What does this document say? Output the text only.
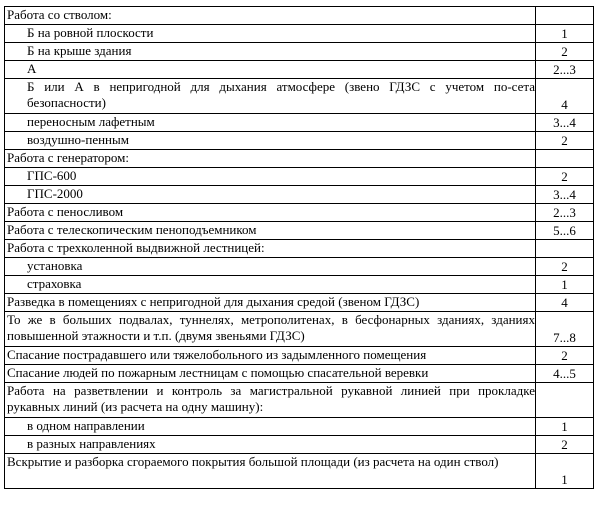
Работа со стволом:	
Б на ровной плоскости	1
Б на крыше здания	2
А	2...3
Б или А в непригодной для дыхания атмосфере (звено ГДЗС с учетом по-сета безопасности)	4
переносным лафетным	3...4
воздушно-пенным	2
Работа с генератором:	
ГПС-600	2
ГПС-2000	3...4
Работа с пеносливом	2...3
Работа с телескопическим пеноподъемником	5...6
Работа с трехколенной выдвижной лестницей:	
установка	2
страховка	1
Разведка в помещениях с непригодной для дыхания средой (звеном ГДЗС)	4
То же в больших подвалах, туннелях, метрополитенах, в бесфонарных зданиях, зданиях повышенной этажности и т.п. (двумя звеньями ГДЗС)	7...8
Спасание пострадавшего или тяжелобольного из задымленного помещения	2
Спасание людей по пожарным лестницам с помощью спасательной веревки	4...5
Работа на разветвлении и контроль за магистральной рукавной линией при прокладке рукавных линий (из расчета на одну машину):	
в одном направлении	1
в разных направлениях	2
Вскрытие и разборка сгораемого покрытия большой площади (из расчета на один ствол)	1
